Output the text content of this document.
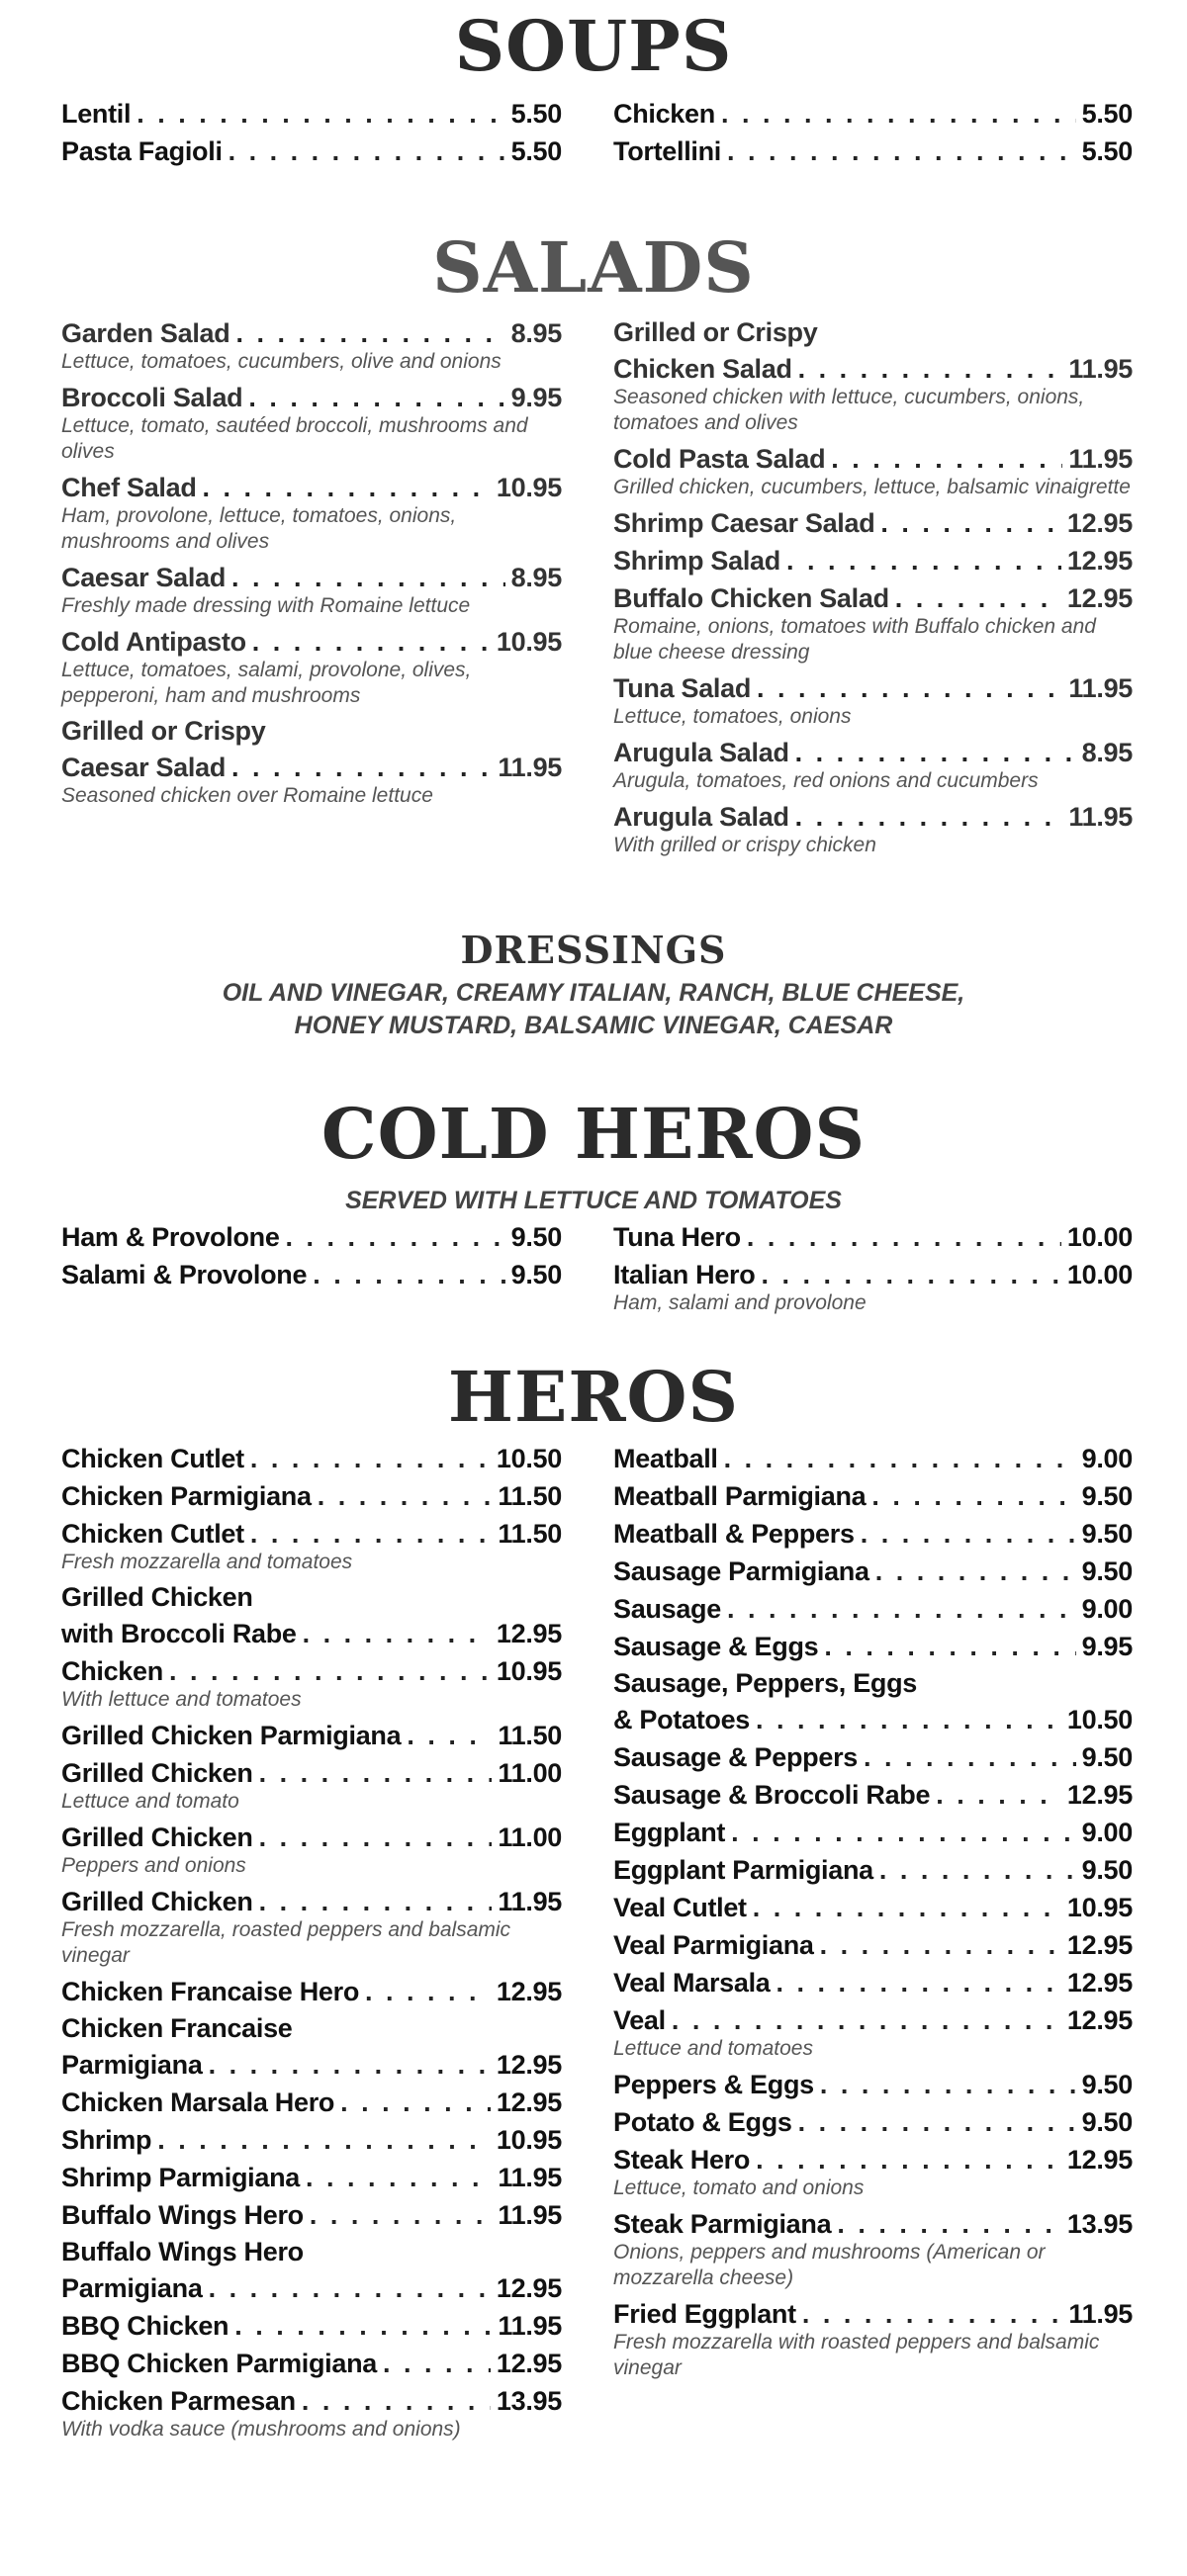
SOUPS
Lentil . . .	5.50
Pasta Fagioli . . .	5.50
Chicken . . .	5.50
Tortellini . . .	5.50
SALADS
Garden Salad . . .	8.95
Lettuce, tomatoes, cucumbers, olive and onions
Broccoli Salad . . .	9.95
Lettuce, tomato, sautéed broccoli, mushrooms and olives
Chef Salad . . .	10.95
Ham, provolone, lettuce, tomatoes, onions, mushrooms and olives
Caesar Salad . . .	8.95
Freshly made dressing with Romaine lettuce
Cold Antipasto . . .	10.95
Lettuce, tomatoes, salami, provolone, olives, pepperoni, ham and mushrooms
Grilled or Crispy
Caesar Salad . . .	11.95
Seasoned chicken over Romaine lettuce
Grilled or Crispy
Chicken Salad . . .	11.95
Seasoned chicken with lettuce, cucumbers, onions, tomatoes and olives
Cold Pasta Salad . . .	11.95
Grilled chicken, cucumbers, lettuce, balsamic vinaigrette
Shrimp Caesar Salad . . .	12.95
Shrimp Salad . . .	12.95
Buffalo Chicken Salad . . .	12.95
Romaine, onions, tomatoes with Buffalo chicken and blue cheese dressing
Tuna Salad . . .	11.95
Lettuce, tomatoes, onions
Arugula Salad . . .	8.95
Arugula, tomatoes, red onions and cucumbers
Arugula Salad . . .	11.95
With grilled or crispy chicken
DRESSINGS

OIL AND VINEGAR, CREAMY ITALIAN, RANCH, BLUE CHEESE,

HONEY MUSTARD, BALSAMIC VINEGAR, CAESAR

COLD HEROS

SERVED WITH LETTUCE AND TOMATOES

Ham & Provolone . . .	9.50
Salami & Provolone . . .	9.50
Tuna Hero . . .	10.00
Italian Hero . . .	10.00
Ham, salami and provolone
HEROS
Chicken Cutlet . . .	10.50
Chicken Parmigiana . . .	11.50
Chicken Cutlet . . .	11.50
Fresh mozzarella and tomatoes
Grilled Chicken
with Broccoli Rabe . . .	12.95
Chicken . . .	10.95
With lettuce and tomatoes
Grilled Chicken Parmigiana . . .	11.50
Grilled Chicken . . .	11.00
Lettuce and tomato
Grilled Chicken . . .	11.00
Peppers and onions
Grilled Chicken . . .	11.95
Fresh mozzarella, roasted peppers and balsamic vinegar
Chicken Francaise Hero . . .	12.95
Chicken Francaise
Parmigiana . . .	12.95
Chicken Marsala Hero . . .	12.95
Shrimp . . .	10.95
Shrimp Parmigiana . . .	11.95
Buffalo Wings Hero . . .	11.95
Buffalo Wings Hero
Parmigiana . . .	12.95
BBQ Chicken . . .	11.95
BBQ Chicken Parmigiana . . .	12.95
Chicken Parmesan . . .	13.95
With vodka sauce (mushrooms and onions)
Meatball . . .	9.00
Meatball Parmigiana . . .	9.50
Meatball & Peppers . . .	9.50
Sausage Parmigiana . . .	9.50
Sausage . . .	9.00
Sausage & Eggs . . .	9.95
Sausage, Peppers, Eggs
& Potatoes . . .	10.50
Sausage & Peppers . . .	9.50
Sausage & Broccoli Rabe . . .	12.95
Eggplant . . .	9.00
Eggplant Parmigiana . . .	9.50
Veal Cutlet . . .	10.95
Veal Parmigiana . . .	12.95
Veal Marsala . . .	12.95
Veal . . .	12.95
Lettuce and tomatoes
Peppers & Eggs . . .	9.50
Potato & Eggs . . .	9.50
Steak Hero . . .	12.95
Lettuce, tomato and onions
Steak Parmigiana . . .	13.95
Onions, peppers and mushrooms (American or mozzarella cheese)
Fried Eggplant . . .	11.95
Fresh mozzarella with roasted peppers and balsamic vinegar
